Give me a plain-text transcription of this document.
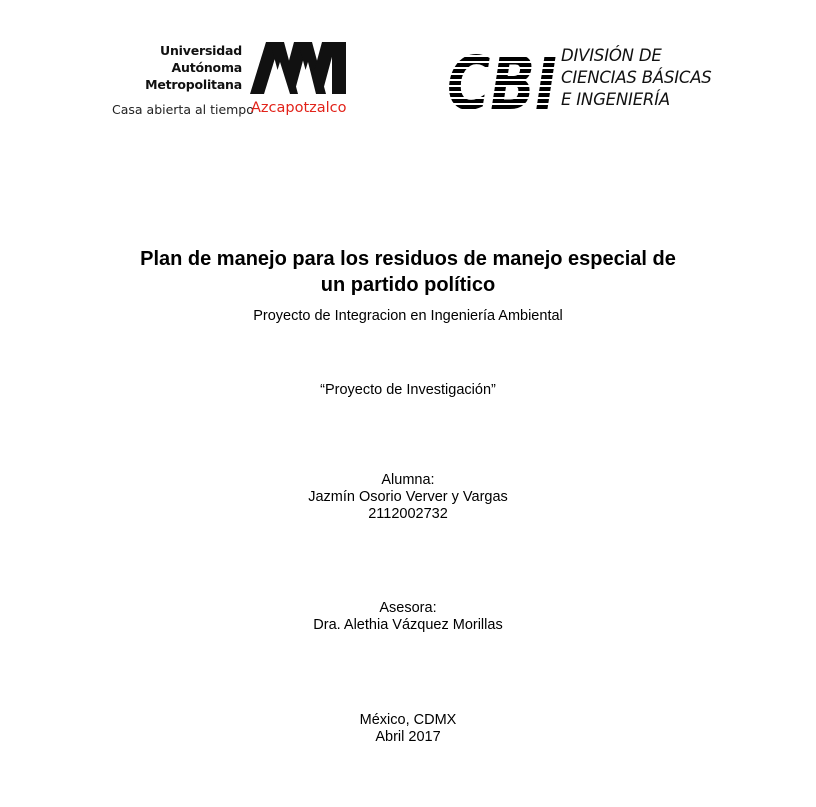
Universidad
Autónoma
Metropolitana
Casa abierta al tiempo
Azcapotzalco
DIVISIÓN DE
CIENCIAS BÁSICAS
E INGENIERÍA
Plan de manejo para los residuos de manejo especial de
un partido político
Proyecto de Integracion en Ingeniería Ambiental
“Proyecto de Investigación”
Alumna:
Jazmín Osorio Verver y Vargas
2112002732
Asesora:
Dra. Alethia Vázquez Morillas
México, CDMX
Abril 2017
